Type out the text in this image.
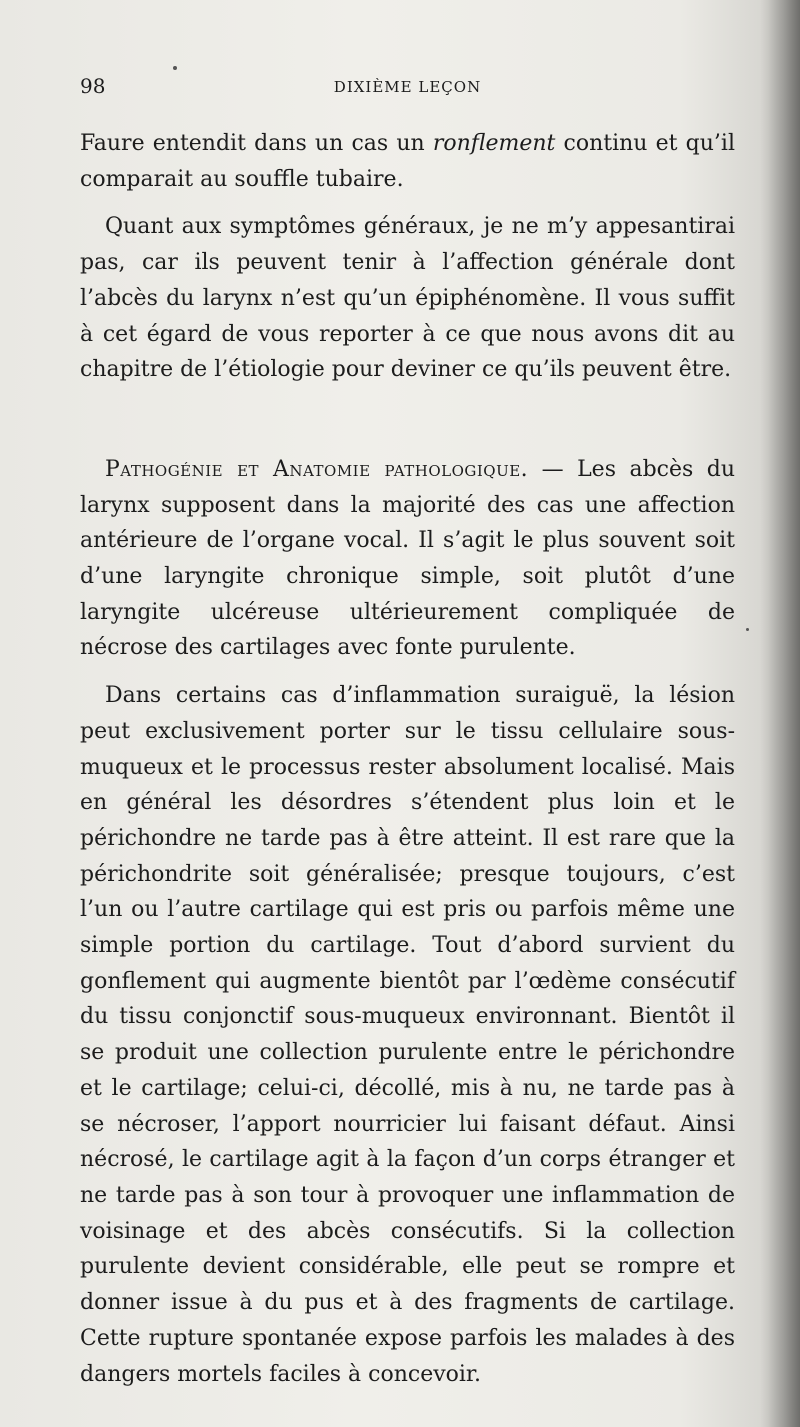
98	DIXIÈME LEÇON

Faure entendit dans un cas un ronflement continu et qu’il comparait au souffle tubaire.

Quant aux symptômes généraux, je ne m’y appesantirai pas, car ils peuvent tenir à l’affection générale dont l’abcès du larynx n’est qu’un épiphénomène. Il vous suffit à cet égard de vous reporter à ce que nous avons dit au chapitre de l’étiologie pour deviner ce qu’ils peuvent être.

Pathogénie et Anatomie pathologique. — Les abcès du larynx supposent dans la majorité des cas une affection antérieure de l’organe vocal. Il s’agit le plus souvent soit d’une laryngite chronique simple, soit plutôt d’une laryngite ulcéreuse ultérieurement compliquée de nécrose des cartilages avec fonte purulente.

Dans certains cas d’inflammation suraiguë, la lésion peut exclusivement porter sur le tissu cellulaire sous-muqueux et le processus rester absolument localisé. Mais en général les désordres s’étendent plus loin et le périchondre ne tarde pas à être atteint. Il est rare que la périchondrite soit généralisée; presque toujours, c’est l’un ou l’autre cartilage qui est pris ou parfois même une simple portion du cartilage. Tout d’abord survient du gonflement qui augmente bientôt par l’œdème consécutif du tissu conjonctif sous-muqueux environnant. Bientôt il se produit une collection purulente entre le périchondre et le cartilage; celui-ci, décollé, mis à nu, ne tarde pas à se nécroser, l’apport nourricier lui faisant défaut. Ainsi nécrosé, le cartilage agit à la façon d’un corps étranger et ne tarde pas à son tour à provoquer une inflammation de voisinage et des abcès consécutifs. Si la collection purulente devient considérable, elle peut se rompre et donner issue à du pus et à des fragments de cartilage. Cette rupture spontanée expose parfois les malades à des dangers mortels faciles à concevoir.
